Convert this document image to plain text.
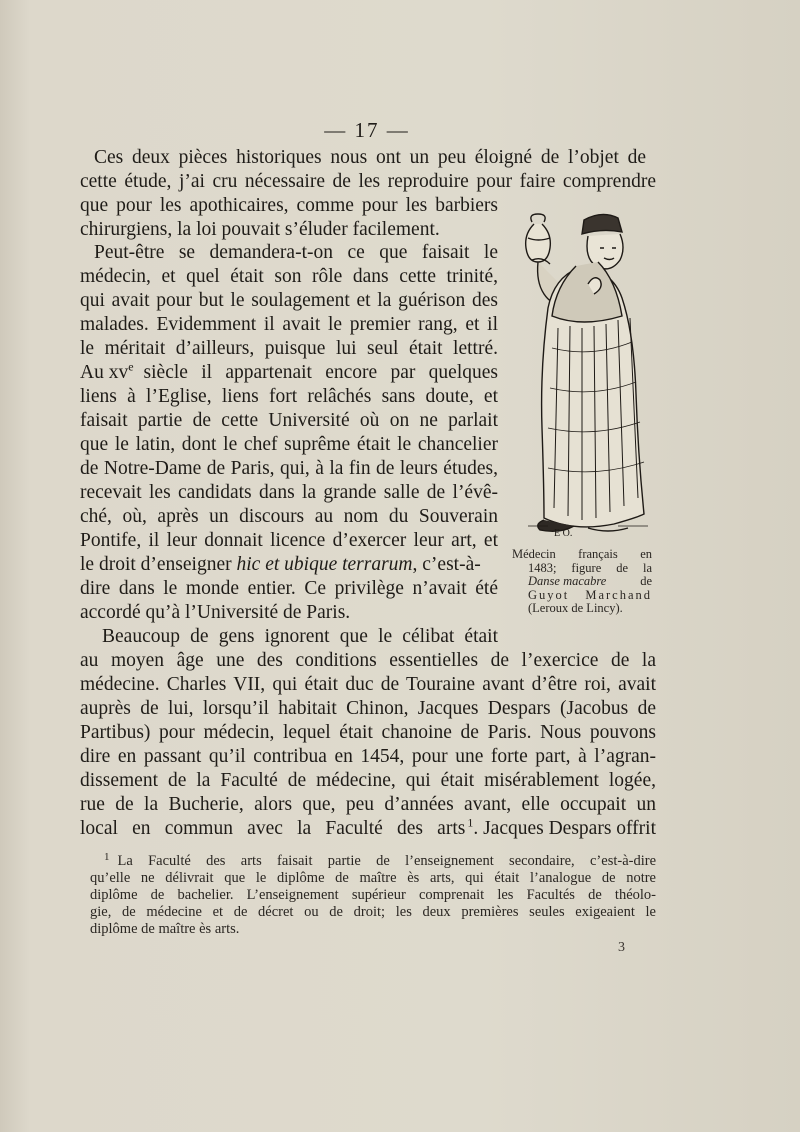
— 17 —
Ces deux pièces historiques nous ont un peu éloigné de l’objet de
cette étude, j’ai cru nécessaire de les reproduire pour faire comprendre
que pour les apothicaires, comme pour les barbiers
chirurgiens, la loi pouvait s’éluder facilement.
Peut-être se demandera-t-on ce que faisait le
médecin, et quel était son rôle dans cette trinité,
qui avait pour but le soulagement et la guérison des
malades. Evidemment il avait le premier rang, et il
le méritait d’ailleurs, puisque lui seul était lettré.
Au $xv^e$ siècle il appartenait encore par quelques
liens à l’Eglise, liens fort relâchés sans doute, et
faisait partie de cette Université où on ne parlait
que le latin, dont le chef suprême était le chancelier
de Notre-Dame de Paris, qui, à la fin de leurs études,
recevait les candidats dans la grande salle de l’évê-
ché, où, après un discours au nom du Souverain
Pontife, il leur donnait licence d’exercer leur art, et
le droit d’enseigner hic et ubique terrarum, c’est-à-
dire dans le monde entier. Ce privilège n’avait été
accordé qu’à l’Université de Paris.
Beaucoup de gens ignorent que le célibat était
au moyen âge une des conditions essentielles de l’exercice de la
médecine. Charles VII, qui était duc de Touraine avant d’être roi, avait
auprès de lui, lorsqu’il habitait Chinon, Jacques Despars (Jacobus de
Partibus) pour médecin, lequel était chanoine de Paris. Nous pouvons
dire en passant qu’il contribua en 1454, pour une forte part, à l’agran-
dissement de la Faculté de médecine, qui était misérablement logée,
rue de la Bucherie, alors que, peu d’années avant, elle occupait un
local en commun avec la Faculté des arts $^1$. Jacques Despars offrit
E O.
Médecin français en
1483; figure de la
Danse macabre	de
Guyot Marchand
(Leroux de Lincy).
1 La Faculté des arts faisait partie de l’enseignement secondaire, c’est-à-dire
qu’elle ne délivrait que le diplôme de maître ès arts, qui était l’analogue de notre
diplôme de bachelier. L’enseignement supérieur comprenait les Facultés de théolo-
gie, de médecine et de décret ou de droit; les deux premières seules exigeaient le
diplôme de maître ès arts.
3
